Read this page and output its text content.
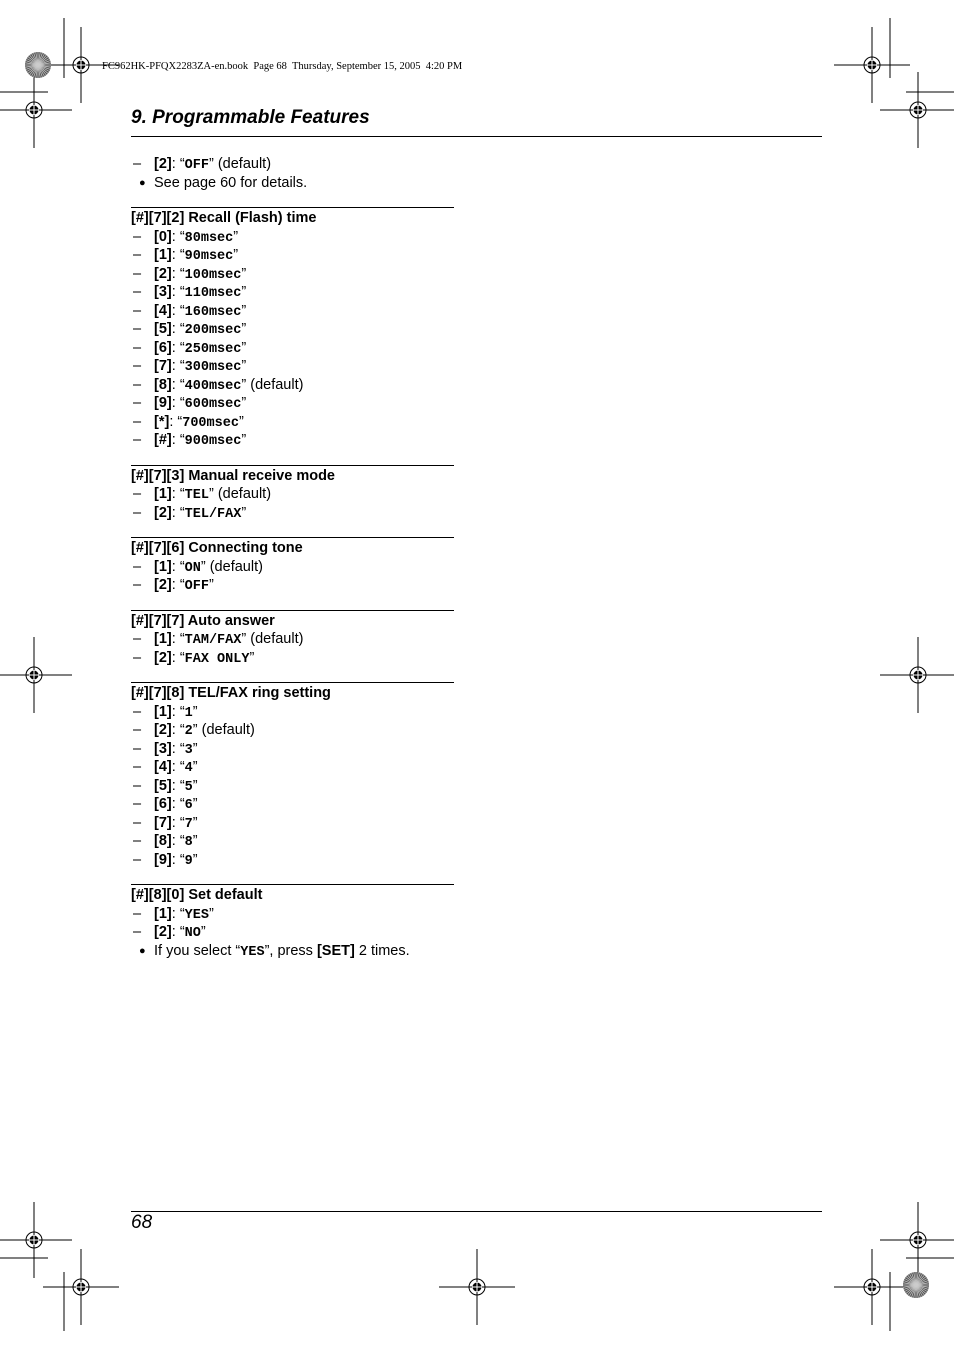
FC962HK-PFQX2283ZA-en.book  Page 68  Thursday, September 15, 2005  4:20 PM
9. Programmable Features
– [ 2 ] : “OFF” (default)
● See page 60 for details.
[ # ] [ 7 ] [ 2 ] Recall (Flash) time
– [ 0 ] : “80msec”
– [ 1 ] : “90msec”
– [ 2 ] : “100msec”
– [ 3 ] : “110msec”
– [ 4 ] : “160msec”
– [ 5 ] : “200msec”
– [ 6 ] : “250msec”
– [ 7 ] : “300msec”
– [ 8 ] : “400msec” (default)
– [ 9 ] : “600msec”
– [ * ] : “700msec”
– [ # ] : “900msec”
[ # ] [ 7 ] [ 3 ] Manual receive mode
– [ 1 ] : “TEL” (default)
– [ 2 ] : “TEL/FAX”
[ # ] [ 7 ] [ 6 ] Connecting tone
– [ 1 ] : “ON” (default)
– [ 2 ] : “OFF”
[ # ] [ 7 ] [ 7 ] Auto answer
– [ 1 ] : “TAM/FAX” (default)
– [ 2 ] : “FAX ONLY”
[ # ] [ 7 ] [ 8 ] TEL/FAX ring setting
– [ 1 ] : “1”
– [ 2 ] : “2” (default)
– [ 3 ] : “3”
– [ 4 ] : “4”
– [ 5 ] : “5”
– [ 6 ] : “6”
– [ 7 ] : “7”
– [ 8 ] : “8”
– [ 9 ] : “9”
[ # ] [ 8 ] [ 0 ] Set default
– [ 1 ] : “YES”
– [ 2 ] : “NO”
● If you select “YES”, press [ SET ] 2 times.
68
